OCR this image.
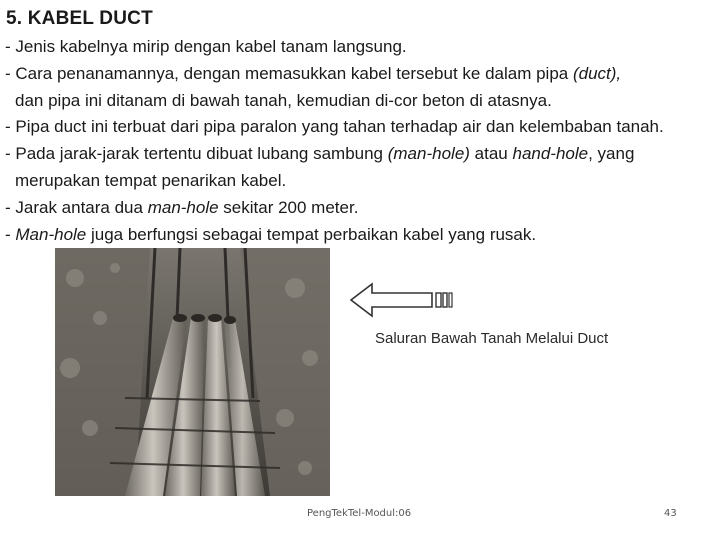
5. KABEL DUCT
- Jenis kabelnya mirip dengan kabel tanam langsung.
- Cara penanamannya, dengan memasukkan kabel tersebut ke dalam pipa (duct),
dan pipa ini ditanam di bawah tanah, kemudian di-cor beton di atasnya.
- Pipa duct ini terbuat dari pipa paralon yang tahan terhadap air dan kelembaban tanah.
- Pada jarak-jarak tertentu dibuat lubang sambung (man-hole) atau hand-hole, yang
merupakan tempat penarikan kabel.
- Jarak antara dua man-hole sekitar 200 meter.
- Man-hole juga berfungsi sebagai tempat perbaikan kabel yang rusak.
Saluran Bawah Tanah Melalui Duct
PengTekTel-Modul:06	43
